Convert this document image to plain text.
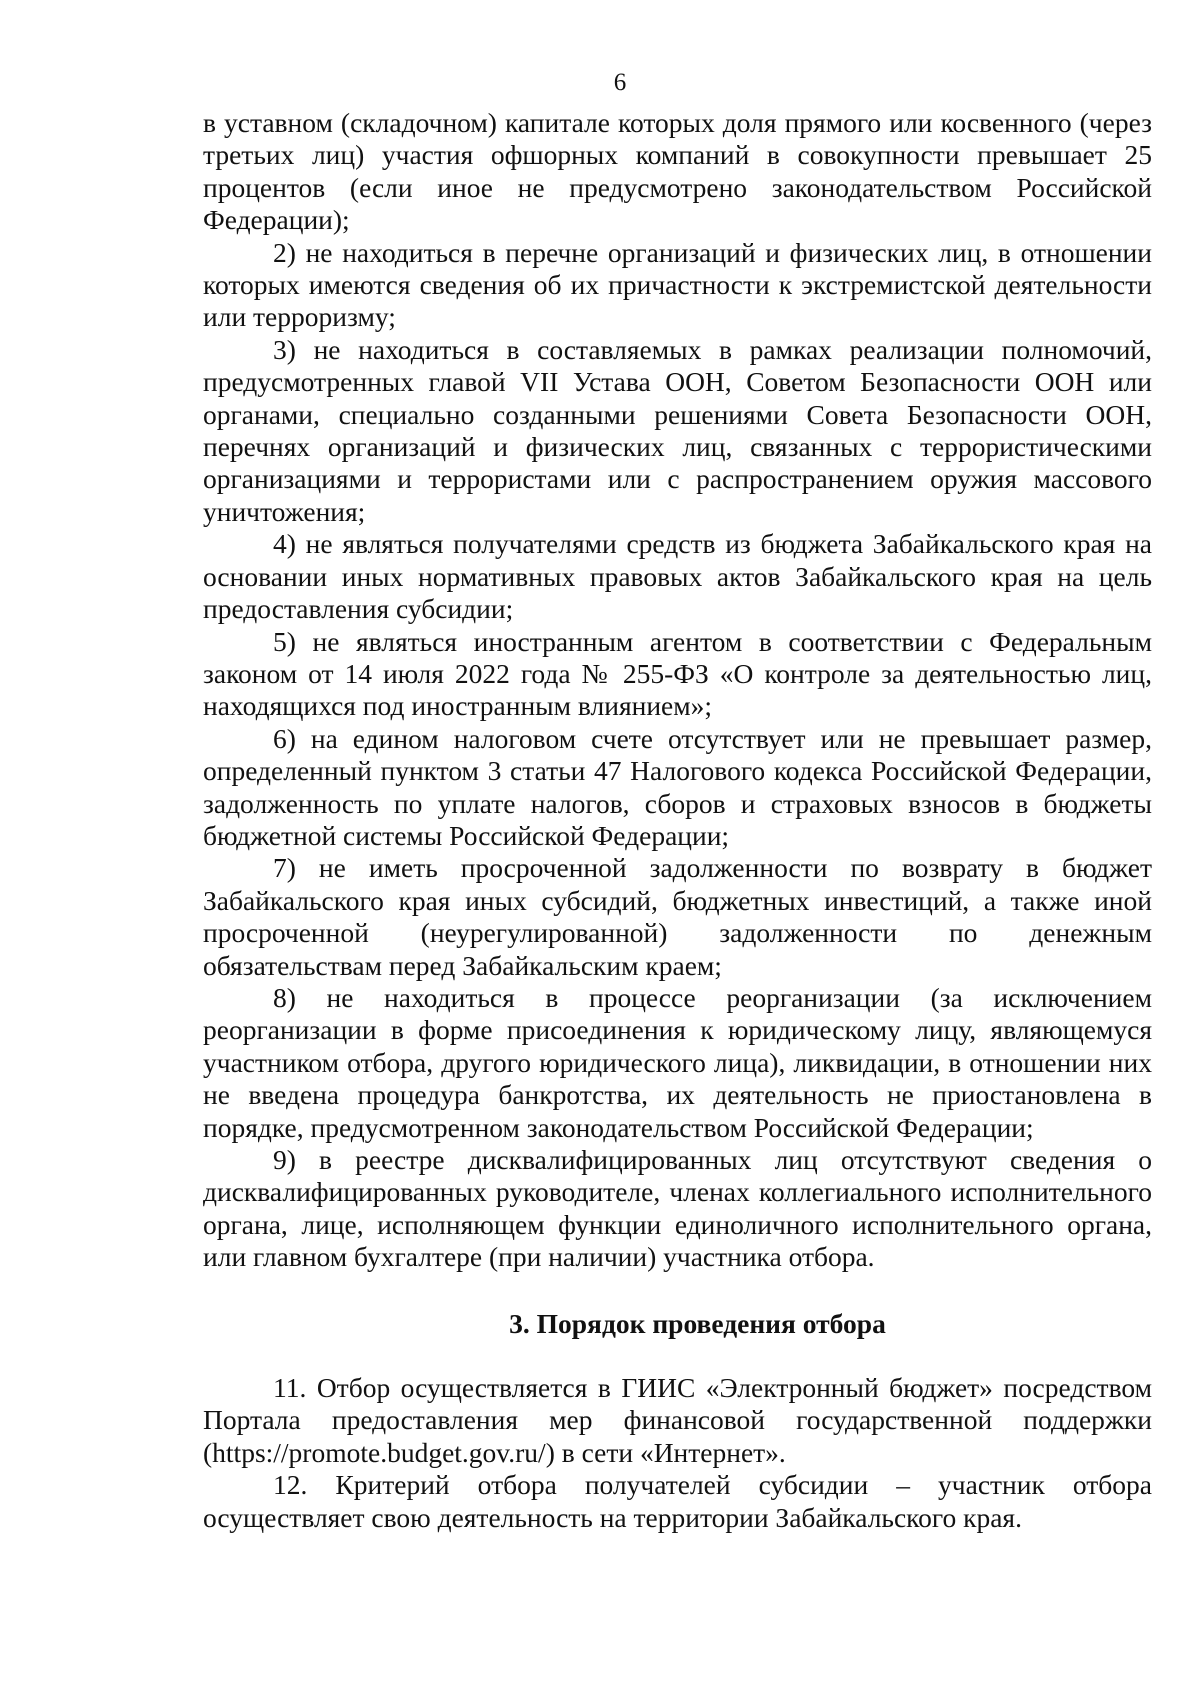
6

в уставном (складочном) капитале которых доля прямого или косвенного (через третьих лиц) участия офшорных компаний в совокупности превышает 25 процентов (если иное не предусмотрено законодательством Российской Федерации);

2) не находиться в перечне организаций и физических лиц, в отношении которых имеются сведения об их причастности к экстремистской деятельности или терроризму;

3) не находиться в составляемых в рамках реализации полномочий, предусмотренных главой VII Устава ООН, Советом Безопасности ООН или органами, специально созданными решениями Совета Безопасности ООН, перечнях организаций и физических лиц, связанных с террористическими организациями и террористами или с распространением оружия массового уничтожения;

4) не являться получателями средств из бюджета Забайкальского края на основании иных нормативных правовых актов Забайкальского края на цель предоставления субсидии;

5) не являться иностранным агентом в соответствии с Федеральным законом от 14 июля 2022 года № 255-ФЗ «О контроле за деятельностью лиц, находящихся под иностранным влиянием»;

6) на едином налоговом счете отсутствует или не превышает размер, определенный пунктом 3 статьи 47 Налогового кодекса Российской Федерации, задолженность по уплате налогов, сборов и страховых взносов в бюджеты бюджетной системы Российской Федерации;

7) не иметь просроченной задолженности по возврату в бюджет Забайкальского края иных субсидий, бюджетных инвестиций, а также иной просроченной (неурегулированной) задолженности по денежным обязательствам перед Забайкальским краем;

8) не находиться в процессе реорганизации (за исключением реорганизации в форме присоединения к юридическому лицу, являющемуся участником отбора, другого юридического лица), ликвидации, в отношении них не введена процедура банкротства, их деятельность не приостановлена в порядке, предусмотренном законодательством Российской Федерации;

9) в реестре дисквалифицированных лиц отсутствуют сведения о дисквалифицированных руководителе, членах коллегиального исполнительного органа, лице, исполняющем функции единоличного исполнительного органа, или главном бухгалтере (при наличии) участника отбора.

3. Порядок проведения отбора

11. Отбор осуществляется в ГИИС «Электронный бюджет» посредством Портала предоставления мер финансовой государственной поддержки (https://promote.budget.gov.ru/) в сети «Интернет».

12. Критерий отбора получателей субсидии – участник отбора осуществляет свою деятельность на территории Забайкальского края.
